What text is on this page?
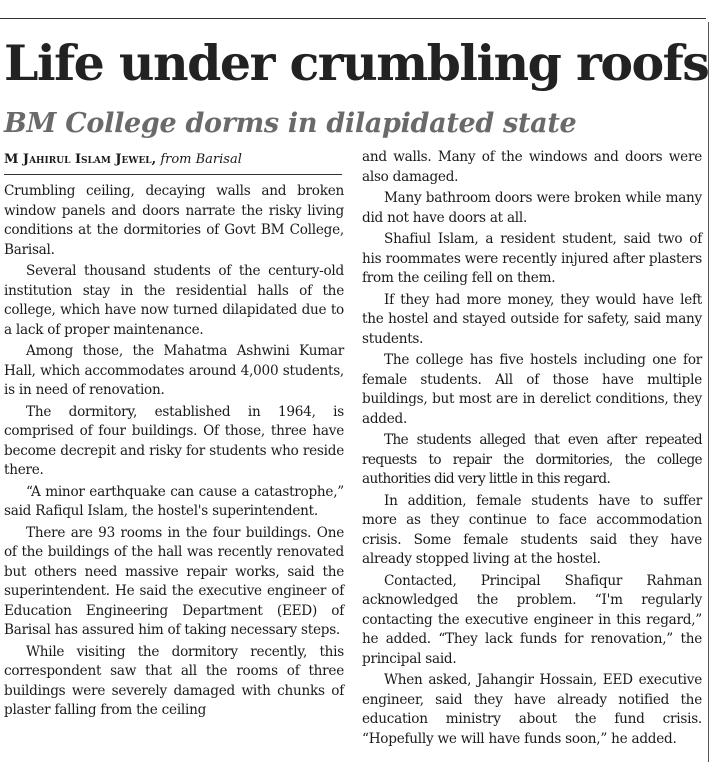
Life under crumbling roofs
BM College dorms in dilapidated state
M Jahirul Islam Jewel, from Barisal

Crumbling ceiling, decaying walls and broken window panels and doors narrate the risky living conditions at the dormitories of Govt BM College, Barisal.

Several thousand students of the century-old institution stay in the residential halls of the college, which have now turned dilapidated due to a lack of proper maintenance.

Among those, the Mahatma Ashwini Kumar Hall, which accommodates around 4,000 students, is in need of renovation.

The dormitory, established in 1964, is comprised of four buildings. Of those, three have become decrepit and risky for students who reside there.

“A minor earthquake can cause a catastrophe,” said Rafiqul Islam, the hostel's superintendent.

There are 93 rooms in the four buildings. One of the buildings of the hall was recently renovated but others need massive repair works, said the superintendent. He said the executive engineer of Education Engineering Department (EED) of Barisal has assured him of taking necessary steps.

While visiting the dormitory recently, this correspondent saw that all the rooms of three buildings were severely damaged with chunks of plaster falling from the ceiling

and walls. Many of the windows and doors were also damaged.

Many bathroom doors were broken while many did not have doors at all.

Shafiul Islam, a resident student, said two of his roommates were recently injured after plasters from the ceiling fell on them.

If they had more money, they would have left the hostel and stayed outside for safety, said many students.

The college has five hostels including one for female students. All of those have multiple buildings, but most are in derelict conditions, they added.

The students alleged that even after repeated requests to repair the dormitories, the college authorities did very little in this regard.

In addition, female students have to suffer more as they continue to face accommodation crisis. Some female students said they have already stopped living at the hostel.

Contacted, Principal Shafiqur Rahman acknowledged the problem. “I'm regularly contacting the executive engineer in this regard,” he added. “They lack funds for renovation,” the principal said.

When asked, Jahangir Hossain, EED executive engineer, said they have already notified the education ministry about the fund crisis. “Hopefully we will have funds soon,” he added.
